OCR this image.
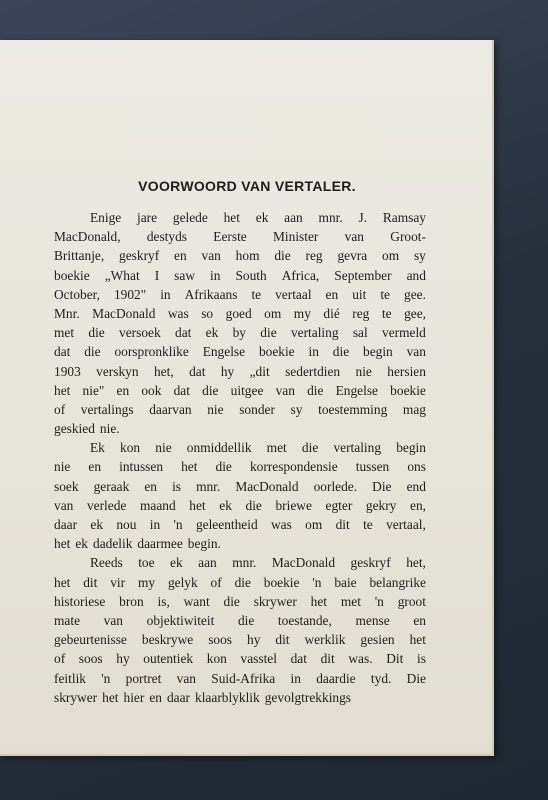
VOORWOORD VAN VERTALER.
Enige jare gelede het ek aan mnr. J. Ramsay
MacDonald, destyds Eerste Minister van Groot-
Brittanje, geskryf en van hom die reg gevra om sy
boekie „What I saw in South Africa, September and
October, 1902" in Afrikaans te vertaal en uit te gee.
Mnr. MacDonald was so goed om my dié reg te gee,
met die versoek dat ek by die vertaling sal vermeld
dat die oorspronklike Engelse boekie in die begin van
1903 verskyn het, dat hy „dit sedertdien nie hersien
het nie" en ook dat die uitgee van die Engelse boekie
of vertalings daarvan nie sonder sy toestemming mag
geskied nie.
Ek kon nie onmiddellik met die vertaling begin
nie en intussen het die korrespondensie tussen ons
soek geraak en is mnr. MacDonald oorlede. Die end
van verlede maand het ek die briewe egter gekry en,
daar ek nou in 'n geleentheid was om dit te vertaal,
het ek dadelik daarmee begin.
Reeds toe ek aan mnr. MacDonald geskryf het,
het dit vir my gelyk of die boekie 'n baie belangrike
historiese bron is, want die skrywer het met 'n groot
mate van objektiwiteit die toestande, mense en
gebeurtenisse beskrywe soos hy dit werklik gesien het
of soos hy outentiek kon vasstel dat dit was. Dit is
feitlik 'n portret van Suid-Afrika in daardie tyd. Die
skrywer het hier en daar klaarblyklik gevolgtrekkings
